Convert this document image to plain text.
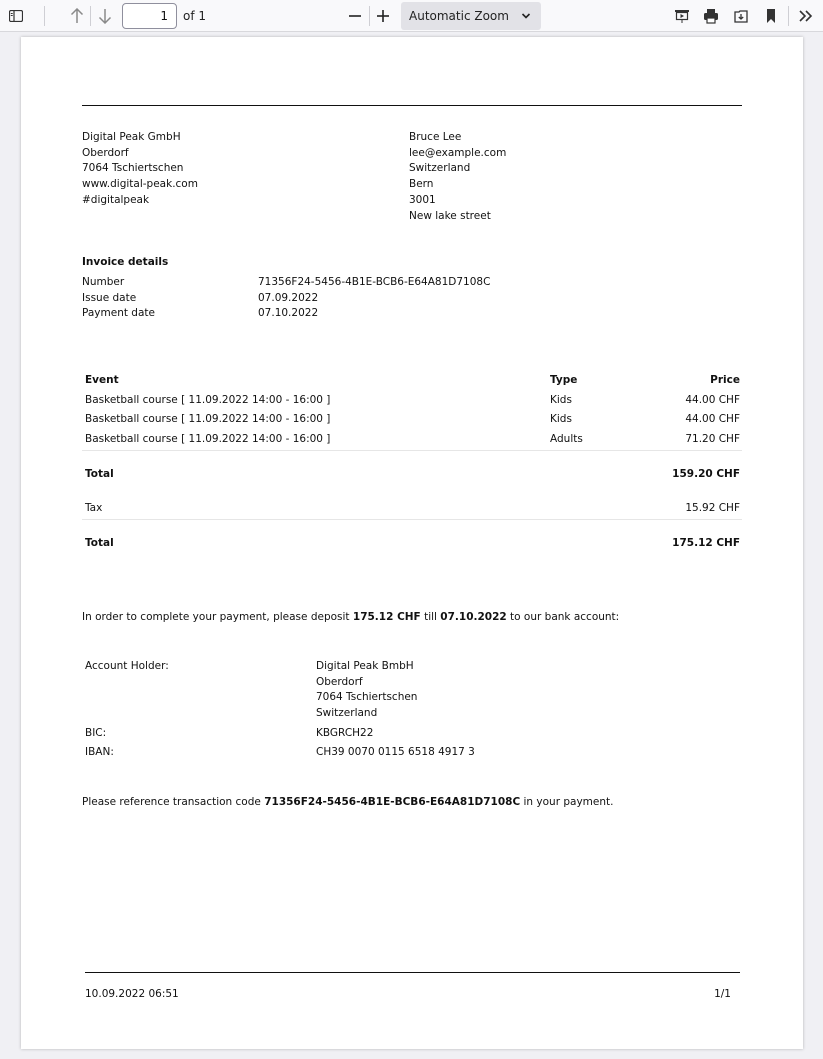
1	of 1	Automatic Zoom
Digital Peak GmbH
Oberdorf
7064 Tschiertschen
www.digital-peak.com
#digitalpeak
Bruce Lee
lee@example.com
Switzerland
Bern
3001
New lake street
Invoice details
Number	71356F24-5456-4B1E-BCB6-E64A81D7108C
Issue date	07.09.2022
Payment date	07.10.2022
Event	Type	Price
Basketball course [ 11.09.2022 14:00 - 16:00 ]	Kids	44.00 CHF
Basketball course [ 11.09.2022 14:00 - 16:00 ]	Kids	44.00 CHF
Basketball course [ 11.09.2022 14:00 - 16:00 ]	Adults	71.20 CHF
Total	159.20 CHF
Tax	15.92 CHF
Total	175.12 CHF
In order to complete your payment, please deposit 175.12 CHF till 07.10.2022 to our bank account:
Account Holder:	Digital Peak BmbH
Oberdorf
7064 Tschiertschen
Switzerland
BIC:	KBGRCH22
IBAN:	CH39 0070 0115 6518 4917 3
Please reference transaction code 71356F24-5456-4B1E-BCB6-E64A81D7108C in your payment.
10.09.2022 06:51	1/1
